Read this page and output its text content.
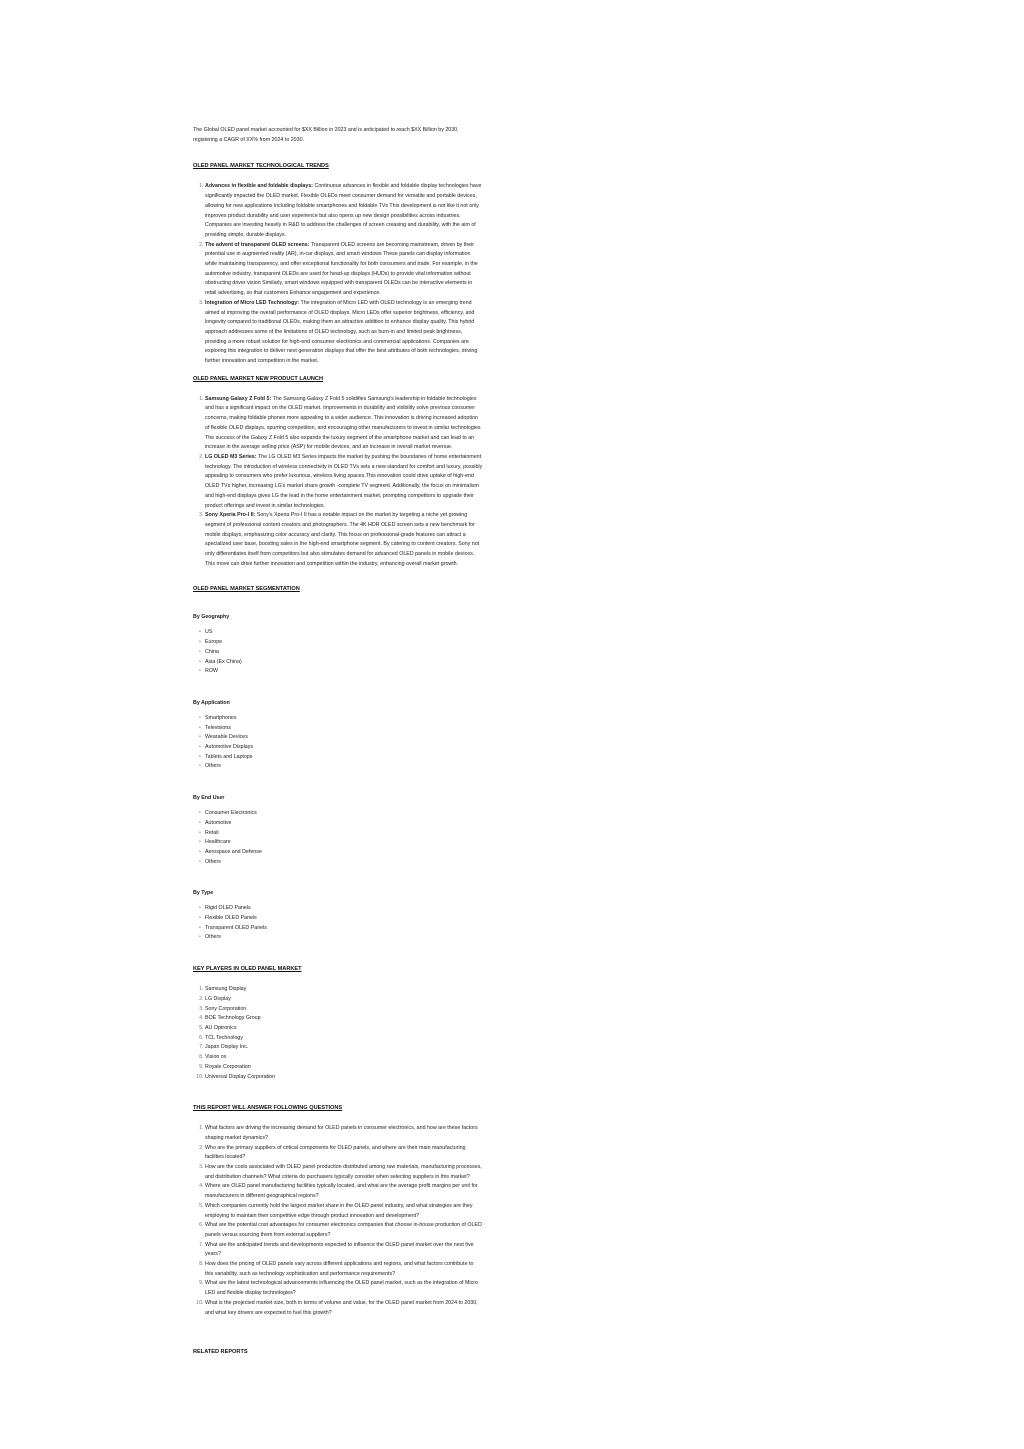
The Global OLED panel market accounted for $XX Billion in 2023 and is anticipated to reach $XX Billion by 2030, registering a CAGR of XX% from 2024 to 2030.

OLED PANEL MARKET TECHNOLOGICAL TRENDS
1. Advances in flexible and foldable displays: Continuous advances in flexible and foldable display technologies have significantly impacted the OLED market. Flexible OLEDs meet consumer demand for versatile and portable devices, allowing for new applications including foldable smartphones and foldable TVs This development is not like it not only improves product durability and user experience but also opens up new design possibilities across industries. Companies are investing heavily in R&D to address the challenges of screen creasing and durability, with the aim of providing simple, durable displays.
2. The advent of transparent OLED screens: Transparent OLED screens are becoming mainstream, driven by their potential use in augmented reality (AR), in-car displays, and smart windows These panels can display information while maintaining transparency, and offer exceptional functionality for both consumers and trade. For example, in the automotive industry, transparent OLEDs are used for head-up displays (HUDs) to provide vital information without obstructing driver vision Similarly, smart windows equipped with transparent OLEDs can be interactive elements in retail advertising, so that customers Enhance engagement and experience.
3. Integration of Micro LED Technology: The integration of Micro LED with OLED technology is an emerging trend aimed at improving the overall performance of OLED displays. Micro LEDs offer superior brightness, efficiency, and longevity compared to traditional OLEDs, making them an attractive addition to enhance display quality. This hybrid approach addresses some of the limitations of OLED technology, such as burn-in and limited peak brightness, providing a more robust solution for high-end consumer electronics and commercial applications. Companies are exploring this integration to deliver next generation displays that offer the best attributes of both technologies, driving further innovation and competition in the market.
OLED PANEL MARKET NEW PRODUCT LAUNCH
1. Samsung Galaxy Z Fold 5: The Samsung Galaxy Z Fold 5 solidifies Samsung's leadership in foldable technologies and has a significant impact on the OLED market. Improvements in durability and visibility solve previous consumer concerns, making foldable phones more appealing to a wider audience. This innovation is driving increased adoption of flexible OLED displays, spurring competition, and encouraging other manufacturers to invest in similar technologies The success of the Galaxy Z Fold 5 also expands the luxury segment of the smartphone market and can lead to an increase in the average selling price (ASP) for mobile devices, and an increase in overall market revenue.
2. LG OLED M3 Series: The LG OLED M3 Series impacts the market by pushing the boundaries of home entertainment technology. The introduction of wireless connectivity in OLED TVs sets a new standard for comfort and luxury, possibly appealing to consumers who prefer luxurious, wireless living spaces.This innovation could drive uptake of high-end OLED TVs higher, increasing LG's market share growth -complete TV segment. Additionally, the focus on minimalism and high-end displays gives LG the lead in the home entertainment market, prompting competitors to upgrade their product offerings and invest in similar technologies.
3. Sony Xperia Pro-I II: Sony's Xperia Pro-I II has a notable impact on the market by targeting a niche yet growing segment of professional content creators and photographers. The 4K HDR OLED screen sets a new benchmark for mobile displays, emphasizing color accuracy and clarity. This focus on professional-grade features can attract a specialized user base, boosting sales in the high-end smartphone segment. By catering to content creators, Sony not only differentiates itself from competitors but also stimulates demand for advanced OLED panels in mobile devices. This move can drive further innovation and competition within the industry, enhancing overall market growth.
OLED PANEL MARKET SEGMENTATION
By Geography
• US
• Europe
• China
• Asia (Ex China)
• ROW
By Application
• Smartphones
• Televisions
• Wearable Devices
• Automotive Displays
• Tablets and Laptops
• Others
By End User
• Consumer Electronics
• Automotive
• Retail
• Healthcare
• Aerospace and Defense
• Others
By Type
• Rigid OLED Panels
• Flexible OLED Panels
• Transparent OLED Panels
• Others
KEY PLAYERS IN OLED PANEL MARKET
1. Samsung Display
2. LG Display
3. Sony Corporation
4. BOE Technology Group
5. AU Optronics
6. TCL Technology
7. Japan Display Inc.
8. Vision ox
9. Royale Corporation
10. Universal Display Corporation
THIS REPORT WILL ANSWER FOLLOWING QUESTIONS
1. What factors are driving the increasing demand for OLED panels in consumer electronics, and how are these factors shaping market dynamics?
2. Who are the primary suppliers of critical components for OLED panels, and where are their main manufacturing facilities located?
3. How are the costs associated with OLED panel production distributed among raw materials, manufacturing processes, and distribution channels? What criteria do purchasers typically consider when selecting suppliers in this market?
4. Where are OLED panel manufacturing facilities typically located, and what are the average profit margins per unit for manufacturers in different geographical regions?
5. Which companies currently hold the largest market share in the OLED panel industry, and what strategies are they employing to maintain their competitive edge through product innovation and development?
6. What are the potential cost advantages for consumer electronics companies that choose in-house production of OLED panels versus sourcing them from external suppliers?
7. What are the anticipated trends and developments expected to influence the OLED panel market over the next five years?
8. How does the pricing of OLED panels vary across different applications and regions, and what factors contribute to this variability, such as technology sophistication and performance requirements?
9. What are the latest technological advancements influencing the OLED panel market, such as the integration of Micro LED and flexible display technologies?
10. What is the projected market size, both in terms of volume and value, for the OLED panel market from 2024 to 2030, and what key drivers are expected to fuel this growth?
RELATED REPORTS
